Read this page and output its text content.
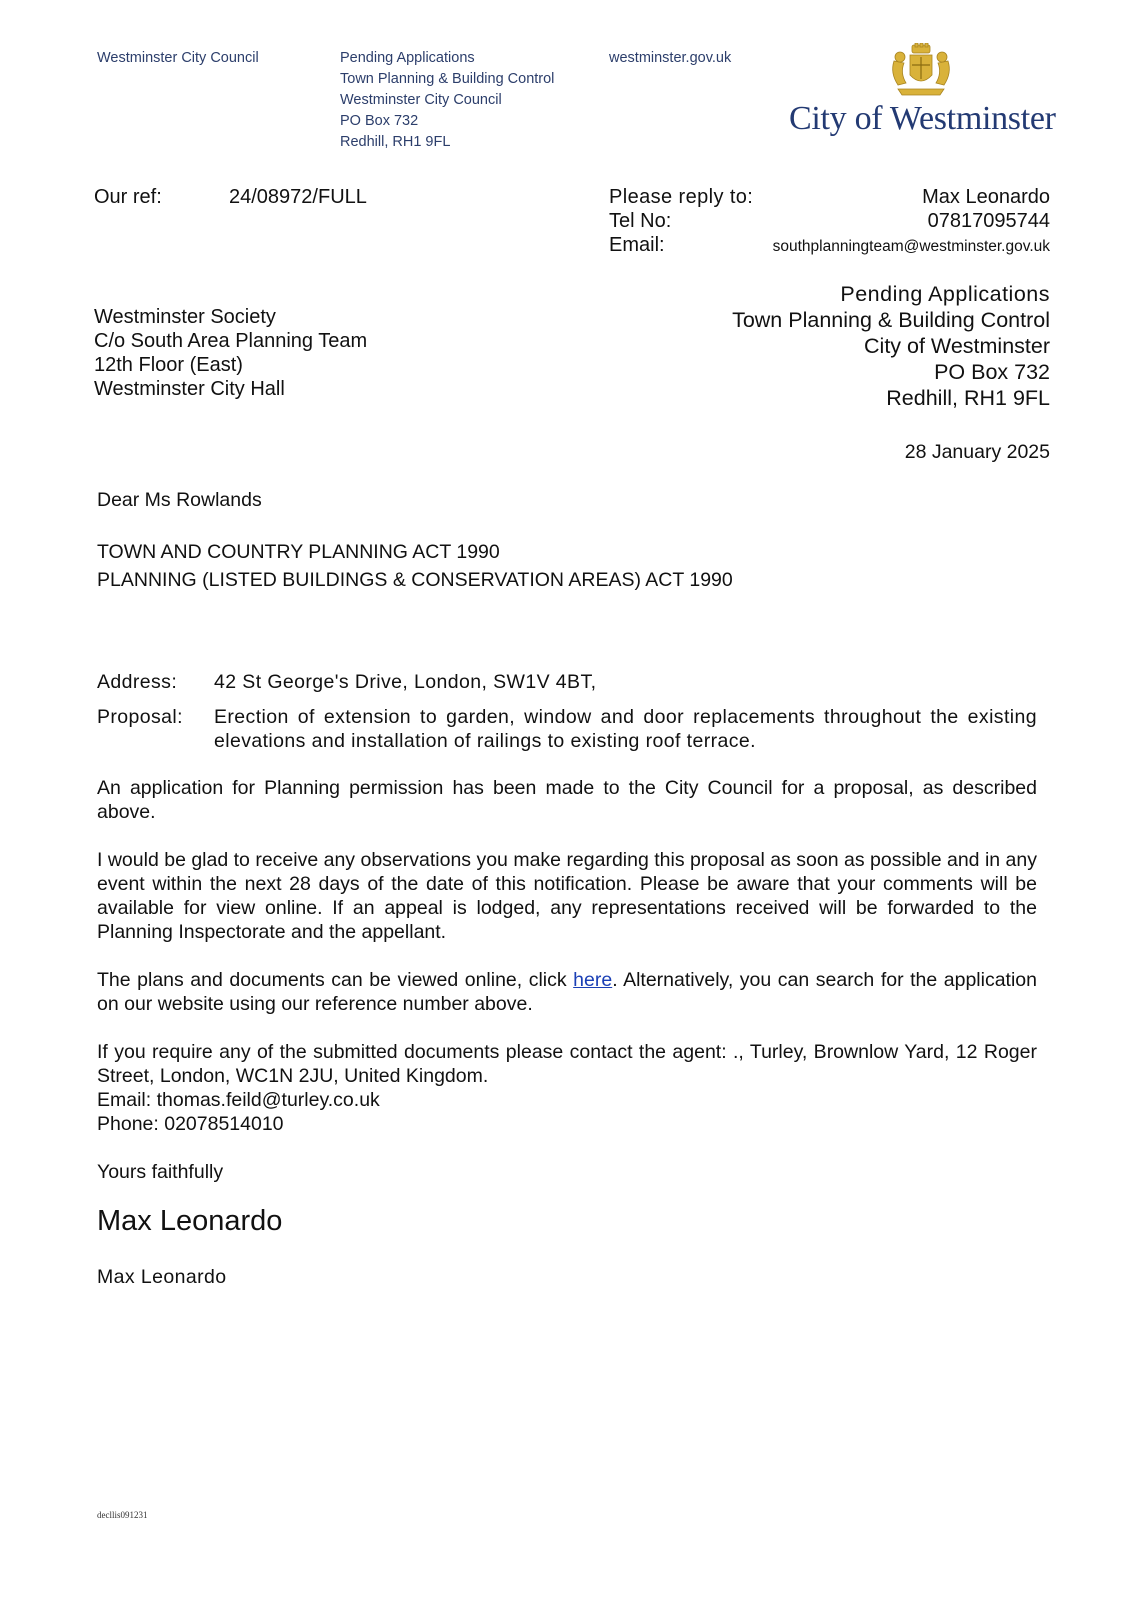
Westminster City Council	Pending Applications
Town Planning & Building Control
Westminster City Council
PO Box 732
Redhill, RH1 9FL
westminster.gov.uk
City of Westminster
Our ref:	24/08972/FULL	Please reply to:	Max Leonardo
Tel No:	07817095744
Email:	southplanningteam@westminster.gov.uk
Westminster Society
C/o South Area Planning Team
12th Floor (East)
Westminster City Hall
Pending Applications
Town Planning & Building Control
City of Westminster
PO Box 732
Redhill, RH1 9FL
28 January 2025
Dear Ms Rowlands
TOWN AND COUNTRY PLANNING ACT 1990
PLANNING (LISTED BUILDINGS & CONSERVATION AREAS) ACT 1990
Address: 42 St George's Drive, London, SW1V 4BT,
Proposal: Erection of extension to garden, window and door replacements throughout the existing elevations and installation of railings to existing roof terrace.
An application for Planning permission has been made to the City Council for a proposal, as described above.
I would be glad to receive any observations you make regarding this proposal as soon as possible and in any event within the next 28 days of the date of this notification. Please be aware that your comments will be available for view online. If an appeal is lodged, any representations received will be forwarded to the Planning Inspectorate and the appellant.
The plans and documents can be viewed online, click here. Alternatively, you can search for the application on our website using our reference number above.
If you require any of the submitted documents please contact the agent: ., Turley, Brownlow Yard, 12 Roger Street, London, WC1N 2JU, United Kingdom.
Email: thomas.feild@turley.co.uk
Phone: 02078514010
Yours faithfully
Max Leonardo
Max Leonardo
decllis091231
